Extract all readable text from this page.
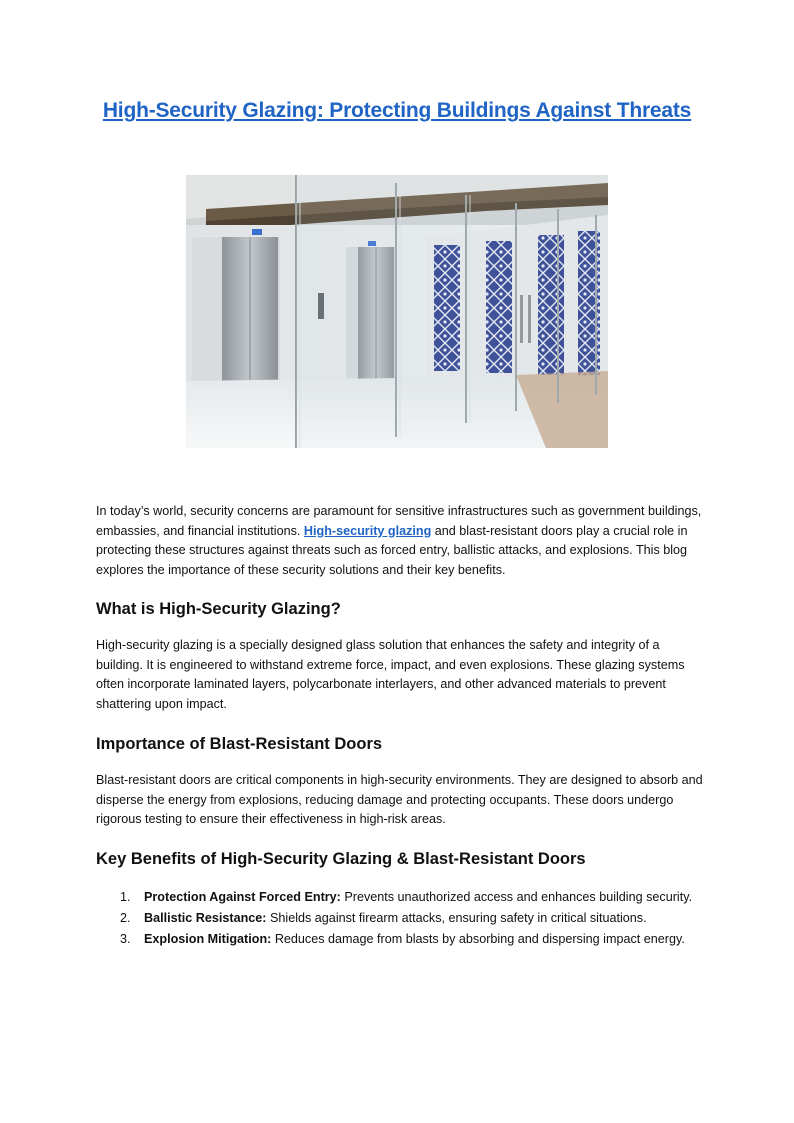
High-Security Glazing: Protecting Buildings Against Threats

In today’s world, security concerns are paramount for sensitive infrastructures such as government buildings, embassies, and financial institutions. High-security glazing and blast-resistant doors play a crucial role in protecting these structures against threats such as forced entry, ballistic attacks, and explosions. This blog explores the importance of these security solutions and their key benefits.

What is High-Security Glazing?

High-security glazing is a specially designed glass solution that enhances the safety and integrity of a building. It is engineered to withstand extreme force, impact, and even explosions. These glazing systems often incorporate laminated layers, polycarbonate interlayers, and other advanced materials to prevent shattering upon impact.

Importance of Blast-Resistant Doors

Blast-resistant doors are critical components in high-security environments. They are designed to absorb and disperse the energy from explosions, reducing damage and protecting occupants. These doors undergo rigorous testing to ensure their effectiveness in high-risk areas.

Key Benefits of High-Security Glazing & Blast-Resistant Doors
1. Protection Against Forced Entry: Prevents unauthorized access and enhances building security.
2. Ballistic Resistance: Shields against firearm attacks, ensuring safety in critical situations.
3. Explosion Mitigation: Reduces damage from blasts by absorbing and dispersing impact energy.
